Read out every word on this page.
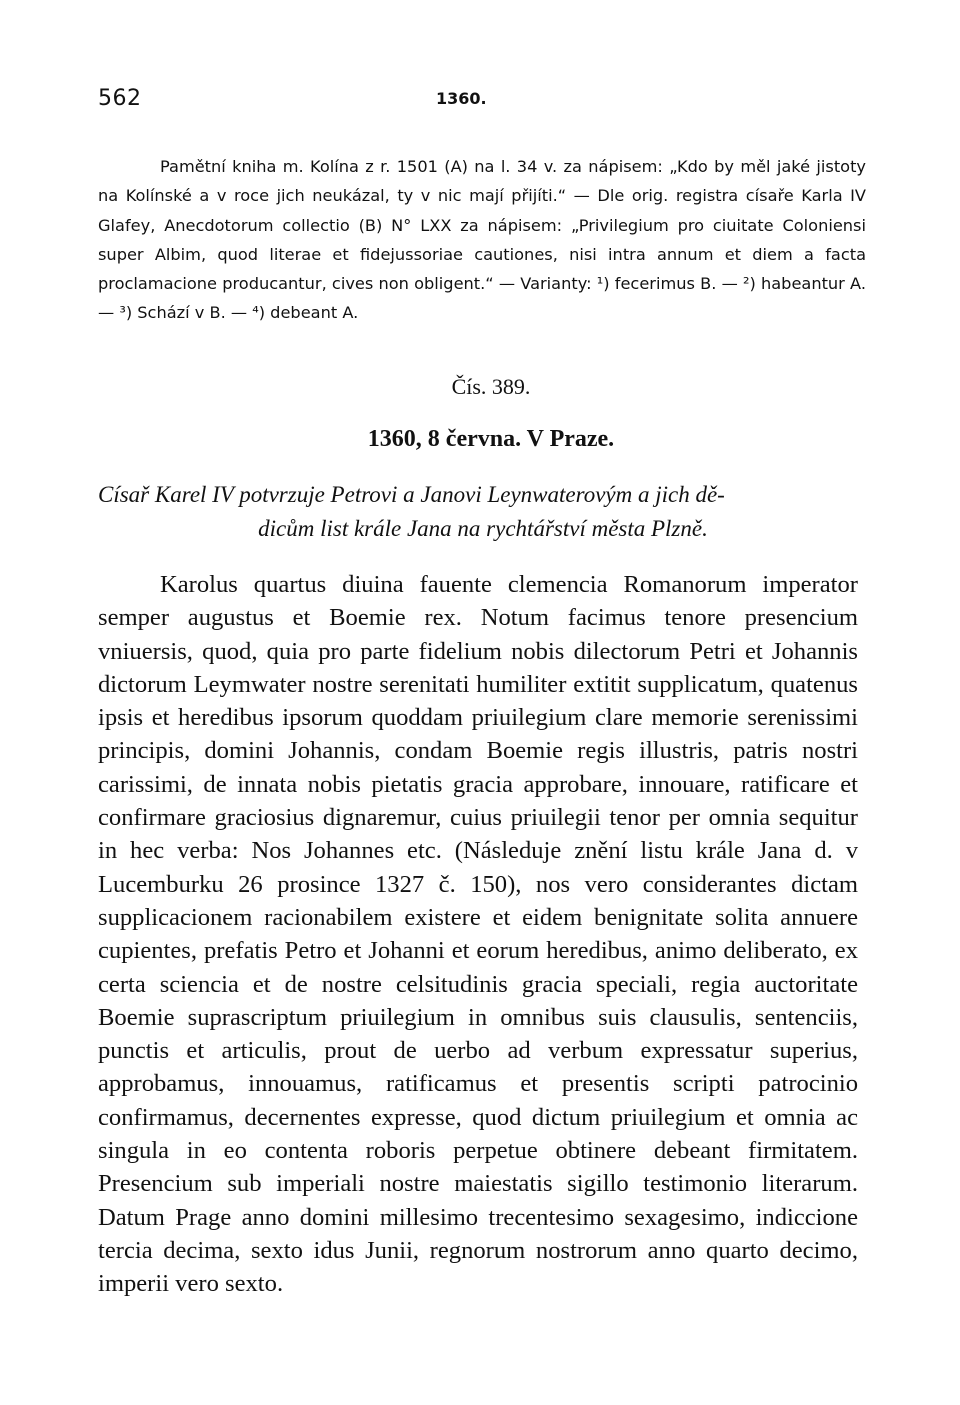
562	1360.

Pamětní kniha m. Kolína z r. 1501 (A) na l. 34 v. za nápisem: „Kdo by měl jaké jistoty na Kolínské a v roce jich neukázal, ty v nic mají přijíti.“ — Dle orig. registra císaře Karla IV Glafey, Anecdotorum collectio (B) N° LXX za nápisem: „Privilegium pro ciuitate Coloniensi super Albim, quod literae et fidejussoriae cautiones, nisi intra annum et diem a facta proclamacione producantur, cives non obligent.“ — Varianty: ¹) fecerimus B. — ²) habeantur A. — ³) Schází v B. — ⁴) debeant A.

Čís. 389.
1360, 8 června. V Praze.

Císař Karel IV potvrzuje Petrovi a Janovi Leynwaterovým a jich dě-
dicům list krále Jana na rychtářství města Plzně.

Karolus quartus diuina fauente clemencia Romanorum imperator semper augustus et Boemie rex. Notum facimus tenore presencium vniuersis, quod, quia pro parte fidelium nobis dilectorum Petri et Johannis dictorum Leymwater nostre serenitati humiliter extitit supplicatum, quatenus ipsis et heredibus ipsorum quoddam priuilegium clare memorie serenissimi principis, domini Johannis, condam Boemie regis illustris, patris nostri carissimi, de innata nobis pietatis gracia approbare, innouare, ratificare et confirmare graciosius dignaremur, cuius priuilegii tenor per omnia sequitur in hec verba: Nos Johannes etc. (Následuje znění listu krále Jana d. v Lucemburku 26 prosince 1327 č. 150), nos vero considerantes dictam supplicacionem racionabilem existere et eidem benignitate solita annuere cupientes, prefatis Petro et Johanni et eorum heredibus, animo deliberato, ex certa sciencia et de nostre celsitudinis gracia speciali, regia auctoritate Boemie suprascriptum priuilegium in omnibus suis clausulis, sentenciis, punctis et articulis, prout de uerbo ad verbum expressatur superius, approbamus, innouamus, ratificamus et presentis scripti patrocinio confirmamus, decernentes expresse, quod dictum priuilegium et omnia ac singula in eo contenta roboris perpetue obtinere debeant firmitatem. Presencium sub imperiali nostre maiestatis sigillo testimonio literarum. Datum Prage anno domini millesimo trecentesimo sexagesimo, indiccione tercia decima, sexto idus Junii, regnorum nostrorum anno quarto decimo, imperii vero sexto.
